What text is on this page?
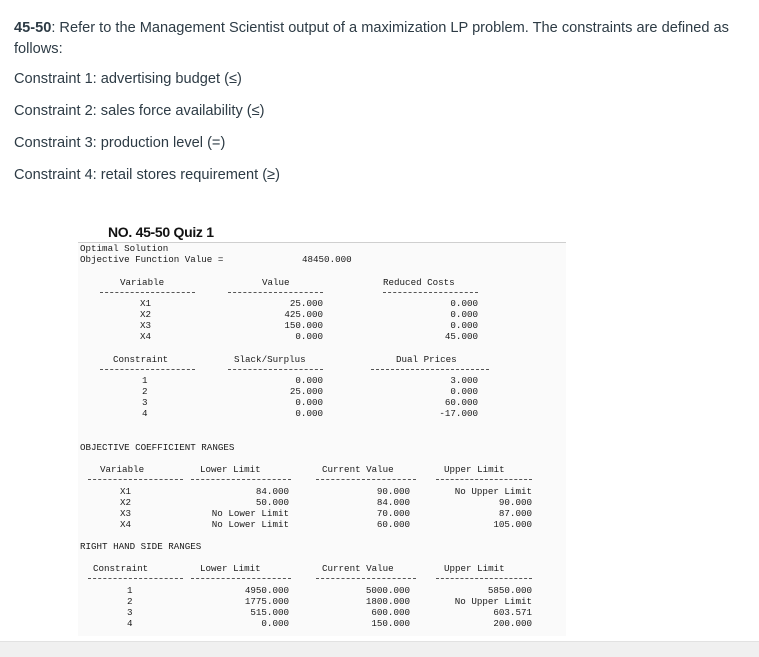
45-50: Refer to the Management Scientist output of a maximization LP problem. The constraints are defined as follows:
Constraint 1: advertising budget (≤)
Constraint 2: sales force availability (≤)
Constraint 3: production level (=)
Constraint 4: retail stores requirement (≥)
NO. 45-50 Quiz 1
Optimal Solution
Objective Function Value =	48450.000
Variable	Value	Reduced Costs
X1	25.000	0.000
X2	425.000	0.000
X3	150.000	0.000
X4	0.000	45.000
Constraint	Slack/Surplus	Dual Prices
1	0.000	3.000
2	25.000	0.000
3	0.000	60.000
4	0.000	-17.000
OBJECTIVE COEFFICIENT RANGES
Variable	Lower Limit	Current Value	Upper Limit
X1	84.000	90.000	No Upper Limit
X2	50.000	84.000	90.000
X3	No Lower Limit	70.000	87.000
X4	No Lower Limit	60.000	105.000
RIGHT HAND SIDE RANGES
Constraint	Lower Limit	Current Value	Upper Limit
1	4950.000	5000.000	5850.000
2	1775.000	1800.000	No Upper Limit
3	515.000	600.000	603.571
4	0.000	150.000	200.000
